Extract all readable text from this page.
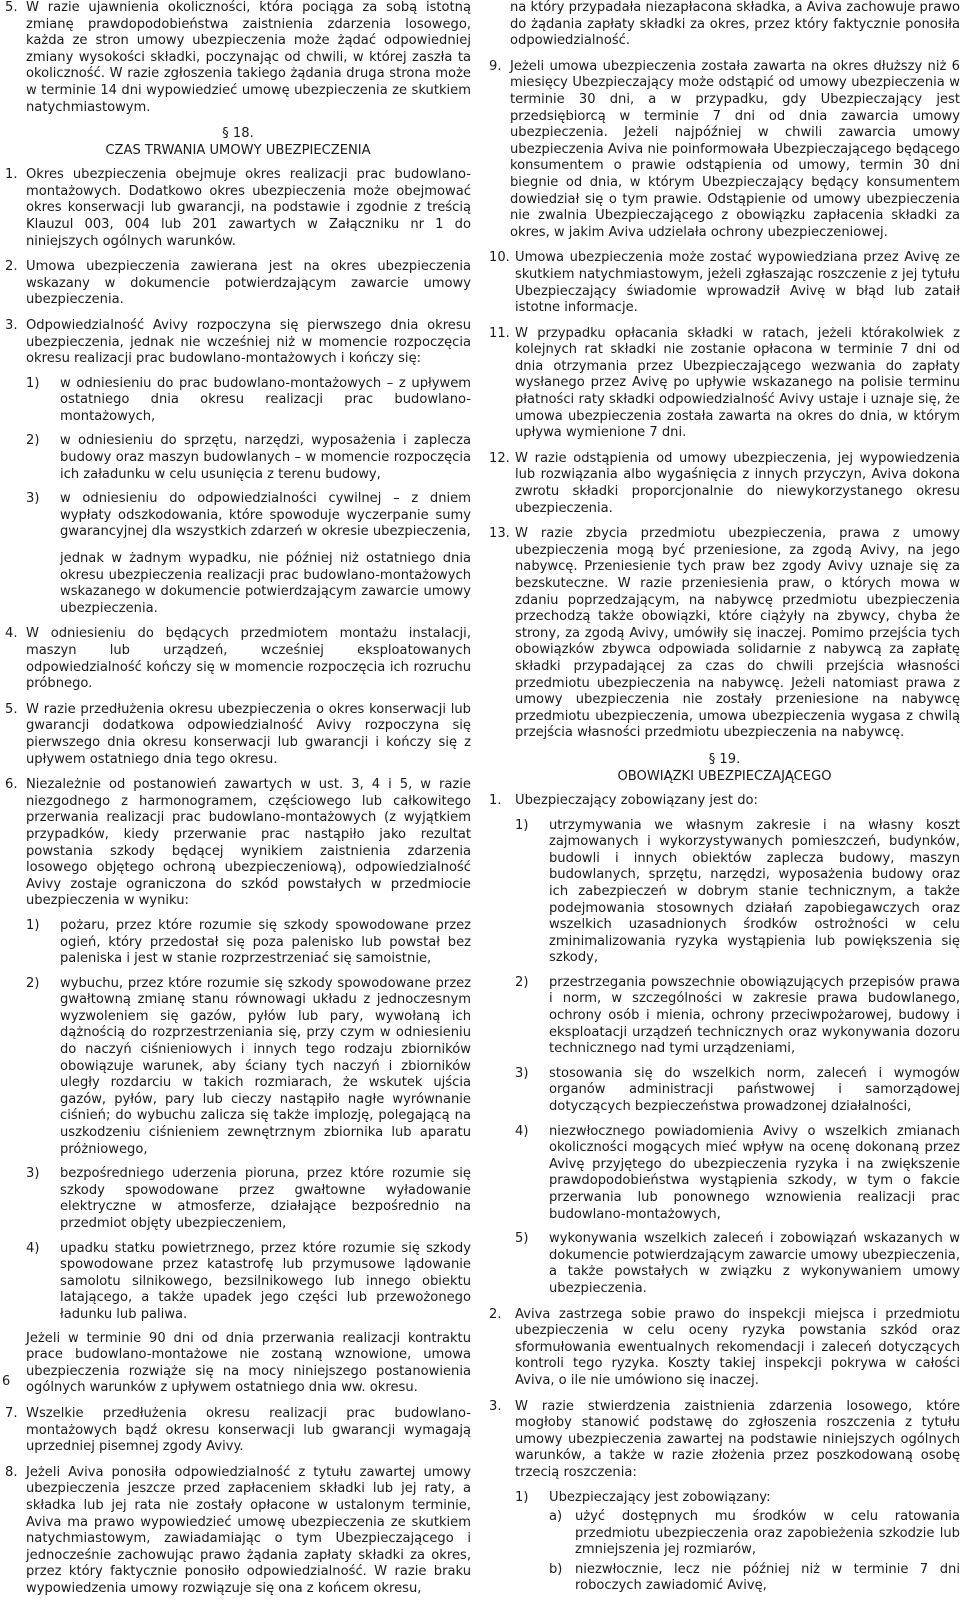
5. W razie ujawnienia okoliczności, która pociąga za sobą istotną zmianę prawdopodobieństwa zaistnienia zdarzenia losowego, każda ze stron umowy ubezpieczenia może żądać odpowiedniej zmiany wysokości składki, poczynając od chwili, w której zaszła ta okoliczność. W razie zgłoszenia takiego żądania druga strona może w terminie 14 dni wypowiedzieć umowę ubezpieczenia ze skutkiem natychmiastowym.
§ 18.
CZAS TRWANIA UMOWY UBEZPIECZENIA
1. Okres ubezpieczenia obejmuje okres realizacji prac budowlano-montażowych. Dodatkowo okres ubezpieczenia może obejmować okres konserwacji lub gwarancji, na podstawie i zgodnie z treścią Klauzul 003, 004 lub 201 zawartych w Załączniku nr 1 do niniejszych ogólnych warunków.
2. Umowa ubezpieczenia zawierana jest na okres ubezpieczenia wskazany w dokumencie potwierdzającym zawarcie umowy ubezpieczenia.
3. Odpowiedzialność Avivy rozpoczyna się pierwszego dnia okresu ubezpieczenia, jednak nie wcześniej niż w momencie rozpoczęcia okresu realizacji prac budowlano-montażowych i kończy się:
1) w odniesieniu do prac budowlano-montażowych – z upływem ostatniego dnia okresu realizacji prac budowlano-montażowych,
2) w odniesieniu do sprzętu, narzędzi, wyposażenia i zaplecza budowy oraz maszyn budowlanych – w momencie rozpoczęcia ich załadunku w celu usunięcia z terenu budowy,
3) w odniesieniu do odpowiedzialności cywilnej – z dniem wypłaty odszkodowania, które spowoduje wyczerpanie sumy gwarancyjnej dla wszystkich zdarzeń w okresie ubezpieczenia,
jednak w żadnym wypadku, nie później niż ostatniego dnia okresu ubezpieczenia realizacji prac budowlano-montażowych wskazanego w dokumencie potwierdzającym zawarcie umowy ubezpieczenia.
4. W odniesieniu do będących przedmiotem montażu instalacji, maszyn lub urządzeń, wcześniej eksploatowanych odpowiedzialność kończy się w momencie rozpoczęcia ich rozruchu próbnego.
5. W razie przedłużenia okresu ubezpieczenia o okres konserwacji lub gwarancji dodatkowa odpowiedzialność Avivy rozpoczyna się pierwszego dnia okresu konserwacji lub gwarancji i kończy się z upływem ostatniego dnia tego okresu.
6. Niezależnie od postanowień zawartych w ust. 3, 4 i 5, w razie niezgodnego z harmonogramem, częściowego lub całkowitego przerwania realizacji prac budowlano-montażowych (z wyjątkiem przypadków, kiedy przerwanie prac nastąpiło jako rezultat powstania szkody będącej wynikiem zaistnienia zdarzenia losowego objętego ochroną ubezpieczeniową), odpowiedzialność Avivy zostaje ograniczona do szkód powstałych w przedmiocie ubezpieczenia w wyniku:
1) pożaru, przez które rozumie się szkody spowodowane przez ogień, który przedostał się poza palenisko lub powstał bez paleniska i jest w stanie rozprzestrzeniać się samoistnie,
2) wybuchu, przez które rozumie się szkody spowodowane przez gwałtowną zmianę stanu równowagi układu z jednoczesnym wyzwoleniem się gazów, pyłów lub pary, wywołaną ich dążnością do rozprzestrzeniania się, przy czym w odniesieniu do naczyń ciśnieniowych i innych tego rodzaju zbiorników obowiązuje warunek, aby ściany tych naczyń i zbiorników uległy rozdarciu w takich rozmiarach, że wskutek ujścia gazów, pyłów, pary lub cieczy nastąpiło nagłe wyrównanie ciśnień; do wybuchu zalicza się także implozję, polegającą na uszkodzeniu ciśnieniem zewnętrznym zbiornika lub aparatu próżniowego,
3) bezpośredniego uderzenia pioruna, przez które rozumie się szkody spowodowane przez gwałtowne wyładowanie elektryczne w atmosferze, działające bezpośrednio na przedmiot objęty ubezpieczeniem,
4) upadku statku powietrznego, przez które rozumie się szkody spowodowane przez katastrofę lub przymusowe lądowanie samolotu silnikowego, bezsilnikowego lub innego obiektu latającego, a także upadek jego części lub przewożonego ładunku lub paliwa.
Jeżeli w terminie 90 dni od dnia przerwania realizacji kontraktu prace budowlano-montażowe nie zostaną wznowione, umowa ubezpieczenia rozwiąże się na mocy niniejszego postanowienia ogólnych warunków z upływem ostatniego dnia ww. okresu.
7. Wszelkie przedłużenia okresu realizacji prac budowlano-montażowych bądź okresu konserwacji lub gwarancji wymagają uprzedniej pisemnej zgody Avivy.
8. Jeżeli Aviva ponosiła odpowiedzialność z tytułu zawartej umowy ubezpieczenia jeszcze przed zapłaceniem składki lub jej raty, a składka lub jej rata nie zostały opłacone w ustalonym terminie, Aviva ma prawo wypowiedzieć umowę ubezpieczenia ze skutkiem natychmiastowym, zawiadamiając o tym Ubezpieczającego i jednocześnie zachowując prawo żądania zapłaty składki za okres, przez który faktycznie ponosiło odpowiedzialność. W razie braku wypowiedzenia umowy rozwiązuje się ona z końcem okresu,
na który przypadała niezapłacona składka, a Aviva zachowuje prawo do żądania zapłaty składki za okres, przez który faktycznie ponosiła odpowiedzialność.
9. Jeżeli umowa ubezpieczenia została zawarta na okres dłuższy niż 6 miesięcy Ubezpieczający może odstąpić od umowy ubezpieczenia w terminie 30 dni, a w przypadku, gdy Ubezpieczający jest przedsiębiorcą w terminie 7 dni od dnia zawarcia umowy ubezpieczenia. Jeżeli najpóźniej w chwili zawarcia umowy ubezpieczenia Aviva nie poinformowała Ubezpieczającego będącego konsumentem o prawie odstąpienia od umowy, termin 30 dni biegnie od dnia, w którym Ubezpieczający będący konsumentem dowiedział się o tym prawie. Odstąpienie od umowy ubezpieczenia nie zwalnia Ubezpieczającego z obowiązku zapłacenia składki za okres, w jakim Aviva udzielała ochrony ubezpieczeniowej.
10. Umowa ubezpieczenia może zostać wypowiedziana przez Avivę ze skutkiem natychmiastowym, jeżeli zgłaszając roszczenie z jej tytułu Ubezpieczający świadomie wprowadził Avivę w błąd lub zataił istotne informacje.
11. W przypadku opłacania składki w ratach, jeżeli którakolwiek z kolejnych rat składki nie zostanie opłacona w terminie 7 dni od dnia otrzymania przez Ubezpieczającego wezwania do zapłaty wysłanego przez Avivę po upływie wskazanego na polisie terminu płatności raty składki odpowiedzialność Avivy ustaje i uznaje się, że umowa ubezpieczenia została zawarta na okres do dnia, w którym upływa wymienione 7 dni.
12. W razie odstąpienia od umowy ubezpieczenia, jej wypowiedzenia lub rozwiązania albo wygaśnięcia z innych przyczyn, Aviva dokona zwrotu składki proporcjonalnie do niewykorzystanego okresu ubezpieczenia.
13. W razie zbycia przedmiotu ubezpieczenia, prawa z umowy ubezpieczenia mogą być przeniesione, za zgodą Avivy, na jego nabywcę. Przeniesienie tych praw bez zgody Avivy uznaje się za bezskuteczne. W razie przeniesienia praw, o których mowa w zdaniu poprzedzającym, na nabywcę przedmiotu ubezpieczenia przechodzą także obowiązki, które ciążyły na zbywcy, chyba że strony, za zgodą Avivy, umówiły się inaczej. Pomimo przejścia tych obowiązków zbywca odpowiada solidarnie z nabywcą za zapłatę składki przypadającej za czas do chwili przejścia własności przedmiotu ubezpieczenia na nabywcę. Jeżeli natomiast prawa z umowy ubezpieczenia nie zostały przeniesione na nabywcę przedmiotu ubezpieczenia, umowa ubezpieczenia wygasa z chwilą przejścia własności przedmiotu ubezpieczenia na nabywcę.
§ 19.
OBOWIĄZKI UBEZPIECZAJĄCEGO
1. Ubezpieczający zobowiązany jest do:
1) utrzymywania we własnym zakresie i na własny koszt zajmowanych i wykorzystywanych pomieszczeń, budynków, budowli i innych obiektów zaplecza budowy, maszyn budowlanych, sprzętu, narzędzi, wyposażenia budowy oraz ich zabezpieczeń w dobrym stanie technicznym, a także podejmowania stosownych działań zapobiegawczych oraz wszelkich uzasadnionych środków ostrożności w celu zminimalizowania ryzyka wystąpienia lub powiększenia się szkody,
2) przestrzegania powszechnie obowiązujących przepisów prawa i norm, w szczególności w zakresie prawa budowlanego, ochrony osób i mienia, ochrony przeciwpożarowej, budowy i eksploatacji urządzeń technicznych oraz wykonywania dozoru technicznego nad tymi urządzeniami,
3) stosowania się do wszelkich norm, zaleceń i wymogów organów administracji państwowej i samorządowej dotyczących bezpieczeństwa prowadzonej działalności,
4) niezwłocznego powiadomienia Avivy o wszelkich zmianach okoliczności mogących mieć wpływ na ocenę dokonaną przez Avivę przyjętego do ubezpieczenia ryzyka i na zwiększenie prawdopodobieństwa wystąpienia szkody, w tym o fakcie przerwania lub ponownego wznowienia realizacji prac budowlano-montażowych,
5) wykonywania wszelkich zaleceń i zobowiązań wskazanych w dokumencie potwierdzającym zawarcie umowy ubezpieczenia, a także powstałych w związku z wykonywaniem umowy ubezpieczenia.
2. Aviva zastrzega sobie prawo do inspekcji miejsca i przedmiotu ubezpieczenia w celu oceny ryzyka powstania szkód oraz sformułowania ewentualnych rekomendacji i zaleceń dotyczących kontroli tego ryzyka. Koszty takiej inspekcji pokrywa w całości Aviva, o ile nie umówiono się inaczej.
3. W razie stwierdzenia zaistnienia zdarzenia losowego, które mogłoby stanowić podstawę do zgłoszenia roszczenia z tytułu umowy ubezpieczenia zawartej na podstawie niniejszych ogólnych warunków, a także w razie złożenia przez poszkodowaną osobę trzecią roszczenia:
1) Ubezpieczający jest zobowiązany:
a) użyć dostępnych mu środków w celu ratowania przedmiotu ubezpieczenia oraz zapobieżenia szkodzie lub zmniejszenia jej rozmiarów,
b) niezwłocznie, lecz nie później niż w terminie 7 dni roboczych zawiadomić Avivę,
6
